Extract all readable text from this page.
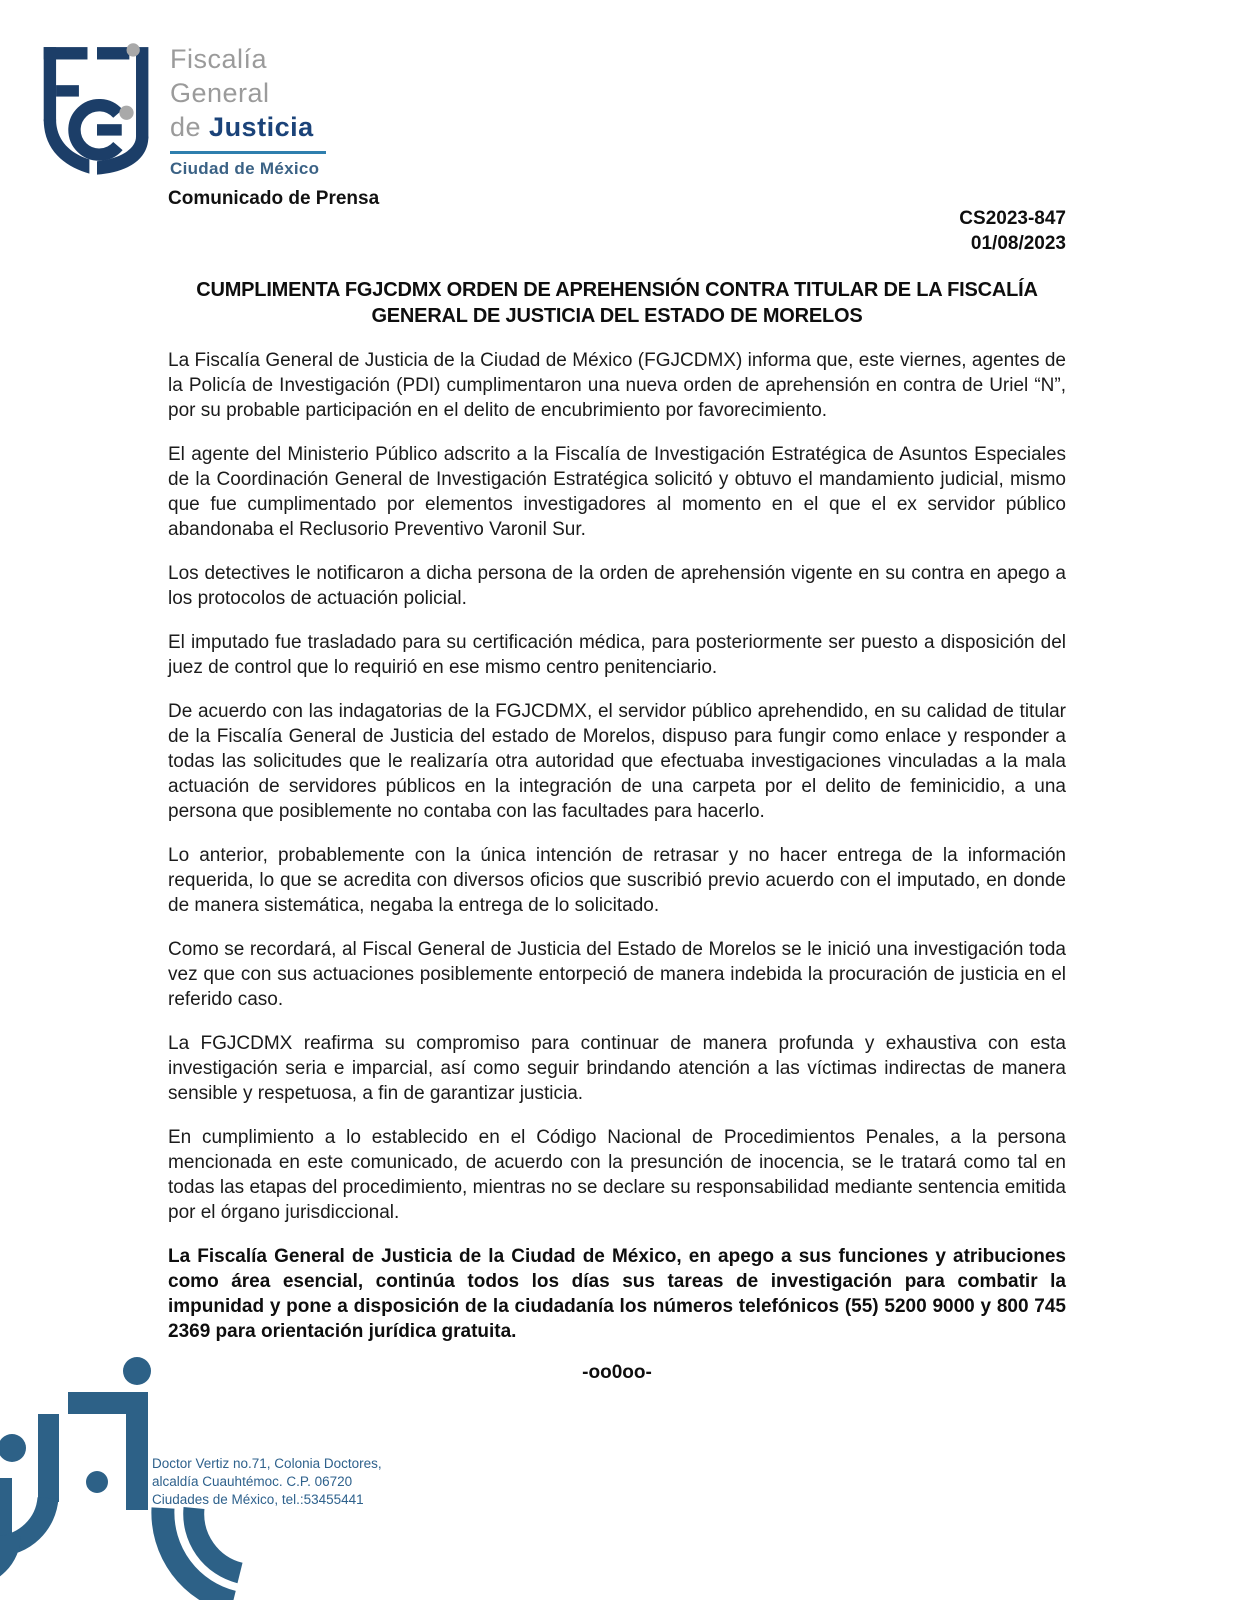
Fiscalía
General
de Justicia
Ciudad de México
Comunicado de Prensa
CS2023-847
01/08/2023
CUMPLIMENTA FGJCDMX ORDEN DE APREHENSIÓN CONTRA TITULAR DE LA FISCALÍA
GENERAL DE JUSTICIA DEL ESTADO DE MORELOS
La Fiscalía General de Justicia de la Ciudad de México (FGJCDMX) informa que, este viernes, agentes de la Policía de Investigación (PDI) cumplimentaron una nueva orden de aprehensión en contra de Uriel “N”, por su probable participación en el delito de encubrimiento por favorecimiento.
El agente del Ministerio Público adscrito a la Fiscalía de Investigación Estratégica de Asuntos Especiales de la Coordinación General de Investigación Estratégica solicitó y obtuvo el mandamiento judicial, mismo que fue cumplimentado por elementos investigadores al momento en el que el ex servidor público abandonaba el Reclusorio Preventivo Varonil Sur.
Los detectives le notificaron a dicha persona de la orden de aprehensión vigente en su contra en apego a los protocolos de actuación policial.
El imputado fue trasladado para su certificación médica, para posteriormente ser puesto a disposición del juez de control que lo requirió en ese mismo centro penitenciario.
De acuerdo con las indagatorias de la FGJCDMX, el servidor público aprehendido, en su calidad de titular de la Fiscalía General de Justicia del estado de Morelos, dispuso para fungir como enlace y responder a todas las solicitudes que le realizaría otra autoridad que efectuaba investigaciones vinculadas a la mala actuación de servidores públicos en la integración de una carpeta por el delito de feminicidio, a una persona que posiblemente no contaba con las facultades para hacerlo.
Lo anterior, probablemente con la única intención de retrasar y no hacer entrega de la información requerida, lo que se acredita con diversos oficios que suscribió previo acuerdo con el imputado, en donde de manera sistemática, negaba la entrega de lo solicitado.
Como se recordará, al Fiscal General de Justicia del Estado de Morelos se le inició una investigación toda vez que con sus actuaciones posiblemente entorpeció de manera indebida la procuración de justicia en el referido caso.
La FGJCDMX reafirma su compromiso para continuar de manera profunda y exhaustiva con esta investigación seria e imparcial, así como seguir brindando atención a las víctimas indirectas de manera sensible y respetuosa, a fin de garantizar justicia.
En cumplimiento a lo establecido en el Código Nacional de Procedimientos Penales, a la persona mencionada en este comunicado, de acuerdo con la presunción de inocencia, se le tratará como tal en todas las etapas del procedimiento, mientras no se declare su responsabilidad mediante sentencia emitida por el órgano jurisdiccional.
La Fiscalía General de Justicia de la Ciudad de México, en apego a sus funciones y atribuciones como área esencial, continúa todos los días sus tareas de investigación para combatir la impunidad y pone a disposición de la ciudadanía los números telefónicos (55) 5200 9000 y 800 745 2369 para orientación jurídica gratuita.
-oo0oo-
Doctor Vertiz no.71, Colonia Doctores,
alcaldía Cuauhtémoc. C.P. 06720
Ciudades de México, tel.:53455441
